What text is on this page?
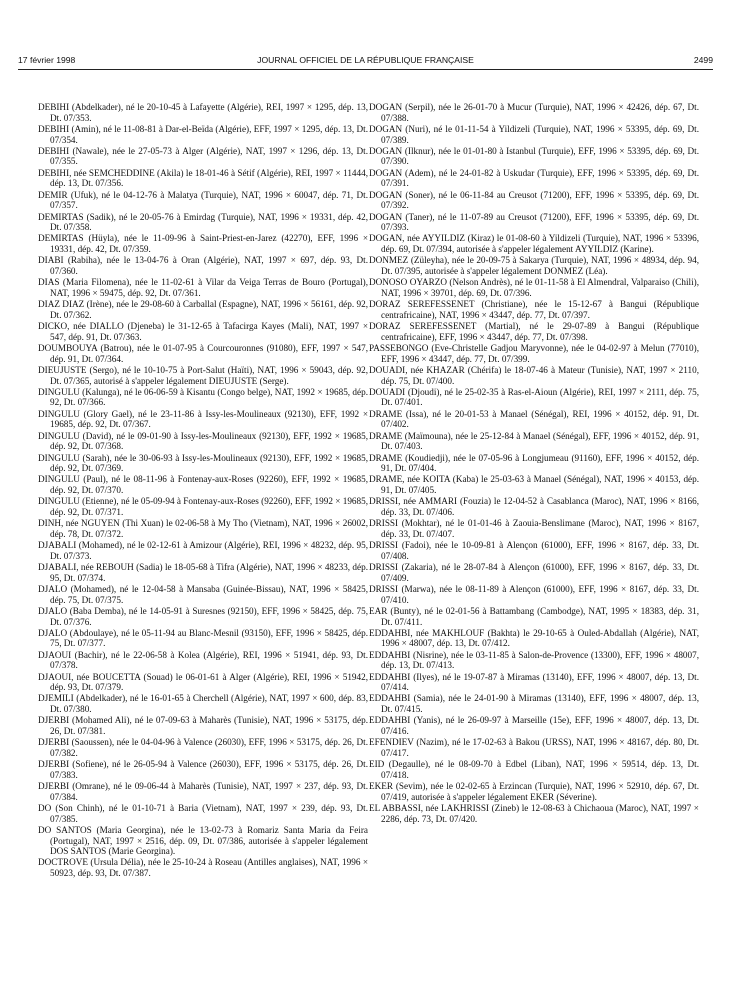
17 février 1998	JOURNAL OFFICIEL DE LA RÉPUBLIQUE FRANÇAISE	2499

DEBIHI (Abdelkader), né le 20-10-45 à Lafayette (Algérie), REI, 1997 × 1295, dép. 13, Dt. 07/353.

DEBIHI (Amin), né le 11-08-81 à Dar-el-Beïda (Algérie), EFF, 1997 × 1295, dép. 13, Dt. 07/354.

DEBIHI (Nawale), née le 27-05-73 à Alger (Algérie), NAT, 1997 × 1296, dép. 13, Dt. 07/355.

DEBIHI, née SEMCHEDDINE (Akila) le 18-01-46 à Sétif (Algérie), REI, 1997 × 11444, dép. 13, Dt. 07/356.

DEMIR (Ufuk), né le 04-12-76 à Malatya (Turquie), NAT, 1996 × 60047, dép. 71, Dt. 07/357.

DEMIRTAS (Sadik), né le 20-05-76 à Emirdag (Turquie), NAT, 1996 × 19331, dép. 42, Dt. 07/358.

DEMIRTAS (Hüyla), née le 11-09-96 à Saint-Priest-en-Jarez (42270), EFF, 1996 × 19331, dép. 42, Dt. 07/359.

DIABI (Rabiha), née le 13-04-76 à Oran (Algérie), NAT, 1997 × 697, dép. 93, Dt. 07/360.

DIAS (Maria Filomena), née le 11-02-61 à Vilar da Veiga Terras de Bouro (Portugal), NAT, 1996 × 59475, dép. 92, Dt. 07/361.

DIAZ DIAZ (Irène), née le 29-08-60 à Carballal (Espagne), NAT, 1996 × 56161, dép. 92, Dt. 07/362.

DICKO, née DIALLO (Djeneba) le 31-12-65 à Tafacirga Kayes (Mali), NAT, 1997 × 547, dép. 91, Dt. 07/363.

DOUMBOUYA (Batrou), née le 01-07-95 à Courcouronnes (91080), EFF, 1997 × 547, dép. 91, Dt. 07/364.

DIEUJUSTE (Sergo), né le 10-10-75 à Port-Salut (Haïti), NAT, 1996 × 59043, dép. 92, Dt. 07/365, autorisé à s'appeler légalement DIEUJUSTE (Serge).

DINGULU (Kalunga), né le 06-06-59 à Kisantu (Congo belge), NAT, 1992 × 19685, dép. 92, Dt. 07/366.

DINGULU (Glory Gael), né le 23-11-86 à Issy-les-Moulineaux (92130), EFF, 1992 × 19685, dép. 92, Dt. 07/367.

DINGULU (David), né le 09-01-90 à Issy-les-Moulineaux (92130), EFF, 1992 × 19685, dép. 92, Dt. 07/368.

DINGULU (Sarah), née le 30-06-93 à Issy-les-Moulineaux (92130), EFF, 1992 × 19685, dép. 92, Dt. 07/369.

DINGULU (Paul), né le 08-11-96 à Fontenay-aux-Roses (92260), EFF, 1992 × 19685, dép. 92, Dt. 07/370.

DINGULU (Etienne), né le 05-09-94 à Fontenay-aux-Roses (92260), EFF, 1992 × 19685, dép. 92, Dt. 07/371.

DINH, née NGUYEN (Thi Xuan) le 02-06-58 à My Tho (Vietnam), NAT, 1996 × 26002, dép. 78, Dt. 07/372.

DJABALI (Mohamed), né le 02-12-61 à Amizour (Algérie), REI, 1996 × 48232, dép. 95, Dt. 07/373.

DJABALI, née REBOUH (Sadia) le 18-05-68 à Tifra (Algérie), NAT, 1996 × 48233, dép. 95, Dt. 07/374.

DJALO (Mohamed), né le 12-04-58 à Mansaba (Guinée-Bissau), NAT, 1996 × 58425, dép. 75, Dt. 07/375.

DJALO (Baba Demba), né le 14-05-91 à Suresnes (92150), EFF, 1996 × 58425, dép. 75, Dt. 07/376.

DJALO (Abdoulaye), né le 05-11-94 au Blanc-Mesnil (93150), EFF, 1996 × 58425, dép. 75, Dt. 07/377.

DJAOUI (Bachir), né le 22-06-58 à Kolea (Algérie), REI, 1996 × 51941, dép. 93, Dt. 07/378.

DJAOUI, née BOUCETTA (Souad) le 06-01-61 à Alger (Algérie), REI, 1996 × 51942, dép. 93, Dt. 07/379.

DJEMILI (Abdelkader), né le 16-01-65 à Cherchell (Algérie), NAT, 1997 × 600, dép. 83, Dt. 07/380.

DJERBI (Mohamed Ali), né le 07-09-63 à Maharès (Tunisie), NAT, 1996 × 53175, dép. 26, Dt. 07/381.

DJERBI (Saoussen), née le 04-04-96 à Valence (26030), EFF, 1996 × 53175, dép. 26, Dt. 07/382.

DJERBI (Sofiene), né le 26-05-94 à Valence (26030), EFF, 1996 × 53175, dép. 26, Dt. 07/383.

DJERBI (Omrane), né le 09-06-44 à Maharès (Tunisie), NAT, 1997 × 237, dép. 93, Dt. 07/384.

DO (Son Chinh), né le 01-10-71 à Baria (Vietnam), NAT, 1997 × 239, dép. 93, Dt. 07/385.

DO SANTOS (Maria Georgina), née le 13-02-73 à Romariz Santa Maria da Feira (Portugal), NAT, 1997 × 2516, dép. 09, Dt. 07/386, autorisée à s'appeler légalement DOS SANTOS (Marie Georgina).

DOCTROVE (Ursula Délia), née le 25-10-24 à Roseau (Antilles anglaises), NAT, 1996 × 50923, dép. 93, Dt. 07/387.

DOGAN (Serpil), née le 26-01-70 à Mucur (Turquie), NAT, 1996 × 42426, dép. 67, Dt. 07/388.

DOGAN (Nuri), né le 01-11-54 à Yildizeli (Turquie), NAT, 1996 × 53395, dép. 69, Dt. 07/389.

DOGAN (Ilknur), née le 01-01-80 à Istanbul (Turquie), EFF, 1996 × 53395, dép. 69, Dt. 07/390.

DOGAN (Adem), né le 24-01-82 à Uskudar (Turquie), EFF, 1996 × 53395, dép. 69, Dt. 07/391.

DOGAN (Soner), né le 06-11-84 au Creusot (71200), EFF, 1996 × 53395, dép. 69, Dt. 07/392.

DOGAN (Taner), né le 11-07-89 au Creusot (71200), EFF, 1996 × 53395, dép. 69, Dt. 07/393.

DOGAN, née AYYILDIZ (Kiraz) le 01-08-60 à Yildizeli (Turquie), NAT, 1996 × 53396, dép. 69, Dt. 07/394, autorisée à s'appeler légalement AYYILDIZ (Karine).

DONMEZ (Züleyha), née le 20-09-75 à Sakarya (Turquie), NAT, 1996 × 48934, dép. 94, Dt. 07/395, autorisée à s'appeler légalement DONMEZ (Léa).

DONOSO OYARZO (Nelson Andrès), né le 01-11-58 à El Almendral, Valparaiso (Chili), NAT, 1996 × 39701, dép. 69, Dt. 07/396.

DORAZ SEREFESSENET (Christiane), née le 15-12-67 à Bangui (République centrafricaine), NAT, 1996 × 43447, dép. 77, Dt. 07/397.

DORAZ SEREFESSENET (Martial), né le 29-07-89 à Bangui (République centrafricaine), EFF, 1996 × 43447, dép. 77, Dt. 07/398.

PASSEBONGO (Eve-Christelle Gadjou Maryvonne), née le 04-02-97 à Melun (77010), EFF, 1996 × 43447, dép. 77, Dt. 07/399.

DOUADI, née KHAZAR (Chérifa) le 18-07-46 à Mateur (Tunisie), NAT, 1997 × 2110, dép. 75, Dt. 07/400.

DOUADI (Djoudi), né le 25-02-35 à Ras-el-Aioun (Algérie), REI, 1997 × 2111, dép. 75, Dt. 07/401.

DRAME (Issa), né le 20-01-53 à Manael (Sénégal), REI, 1996 × 40152, dép. 91, Dt. 07/402.

DRAME (Maïmouna), née le 25-12-84 à Manael (Sénégal), EFF, 1996 × 40152, dép. 91, Dt. 07/403.

DRAME (Koudiedji), née le 07-05-96 à Longjumeau (91160), EFF, 1996 × 40152, dép. 91, Dt. 07/404.

DRAME, née KOITA (Kaba) le 25-03-63 à Manael (Sénégal), NAT, 1996 × 40153, dép. 91, Dt. 07/405.

DRISSI, née AMMARI (Fouzia) le 12-04-52 à Casablanca (Maroc), NAT, 1996 × 8166, dép. 33, Dt. 07/406.

DRISSI (Mokhtar), né le 01-01-46 à Zaouia-Benslimane (Maroc), NAT, 1996 × 8167, dép. 33, Dt. 07/407.

DRISSI (Fadoi), née le 10-09-81 à Alençon (61000), EFF, 1996 × 8167, dép. 33, Dt. 07/408.

DRISSI (Zakaria), né le 28-07-84 à Alençon (61000), EFF, 1996 × 8167, dép. 33, Dt. 07/409.

DRISSI (Marwa), née le 08-11-89 à Alençon (61000), EFF, 1996 × 8167, dép. 33, Dt. 07/410.

EAR (Bunty), né le 02-01-56 à Battambang (Cambodge), NAT, 1995 × 18383, dép. 31, Dt. 07/411.

EDDAHBI, née MAKHLOUF (Bakhta) le 29-10-65 à Ouled-Abdallah (Algérie), NAT, 1996 × 48007, dép. 13, Dt. 07/412.

EDDAHBI (Nisrine), née le 03-11-85 à Salon-de-Provence (13300), EFF, 1996 × 48007, dép. 13, Dt. 07/413.

EDDAHBI (Ilyes), né le 19-07-87 à Miramas (13140), EFF, 1996 × 48007, dép. 13, Dt. 07/414.

EDDAHBI (Samia), née le 24-01-90 à Miramas (13140), EFF, 1996 × 48007, dép. 13, Dt. 07/415.

EDDAHBI (Yanis), né le 26-09-97 à Marseille (15e), EFF, 1996 × 48007, dép. 13, Dt. 07/416.

EFENDIEV (Nazim), né le 17-02-63 à Bakou (URSS), NAT, 1996 × 48167, dép. 80, Dt. 07/417.

EID (Degaulle), né le 08-09-70 à Edbel (Liban), NAT, 1996 × 59514, dép. 13, Dt. 07/418.

EKER (Sevim), née le 02-02-65 à Erzincan (Turquie), NAT, 1996 × 52910, dép. 67, Dt. 07/419, autorisée à s'appeler légalement EKER (Séverine).

EL ABBASSI, née LAKHRISSI (Zineb) le 12-08-63 à Chichaoua (Maroc), NAT, 1997 × 2286, dép. 73, Dt. 07/420.
